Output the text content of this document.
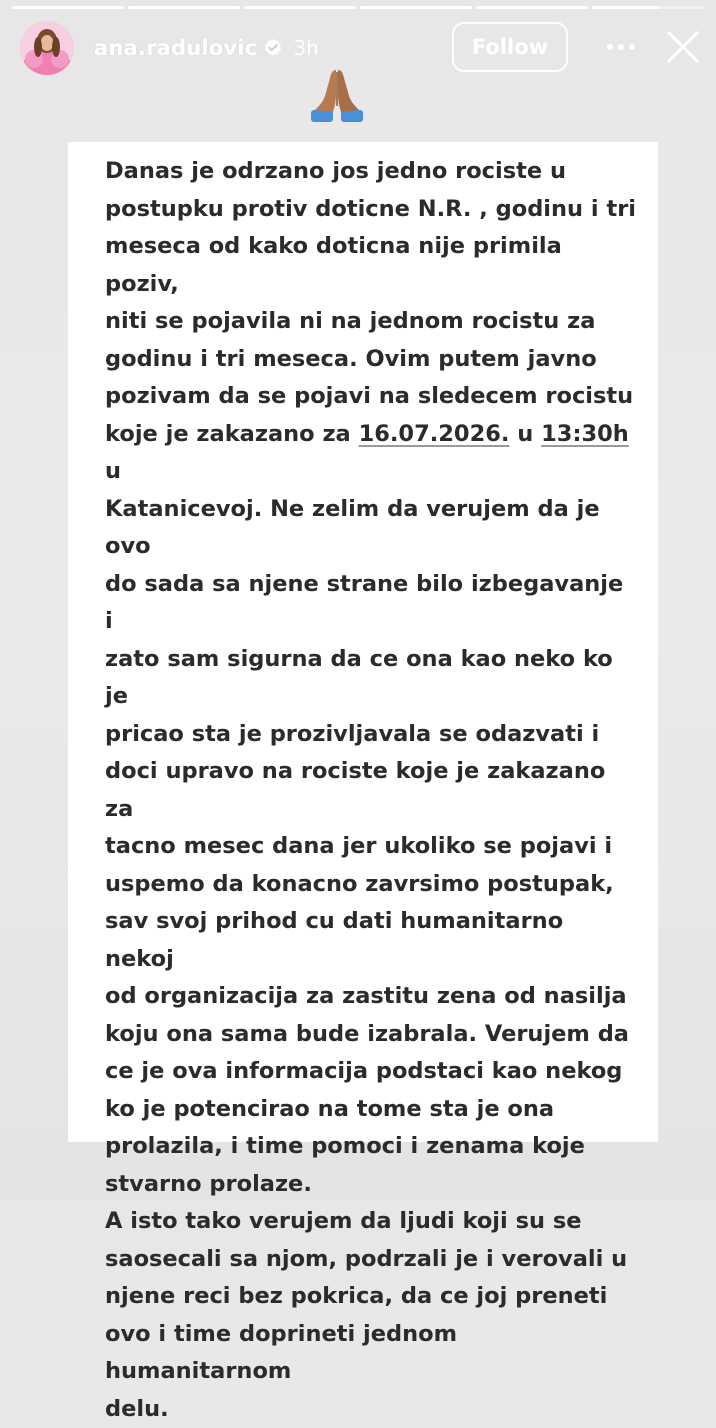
ana.radulovic 3h	Follow

Danas je odrzano jos jedno rociste u
postupku protiv doticne N.R. , godinu i tri
meseca od kako doticna nije primila poziv,
niti se pojavila ni na jednom rocistu za
godinu i tri meseca. Ovim putem javno
pozivam da se pojavi na sledecem rocistu
koje je zakazano za 16.07.2026. u 13:30h u
Katanicevoj. Ne zelim da verujem da je ovo
do sada sa njene strane bilo izbegavanje i
zato sam sigurna da ce ona kao neko ko je
pricao sta je prozivljavala se odazvati i
doci upravo na rociste koje je zakazano za
tacno mesec dana jer ukoliko se pojavi i
uspemo da konacno zavrsimo postupak,
sav svoj prihod cu dati humanitarno nekoj
od organizacija za zastitu zena od nasilja
koju ona sama bude izabrala. Verujem da
ce je ova informacija podstaci kao nekog
ko je potencirao na tome sta je ona
prolazila, i time pomoci i zenama koje
stvarno prolaze.
A isto tako verujem da ljudi koji su se
saosecali sa njom, podrzali je i verovali u
njene reci bez pokrica, da ce joj preneti
ovo i time doprineti jednom humanitarnom
delu.
